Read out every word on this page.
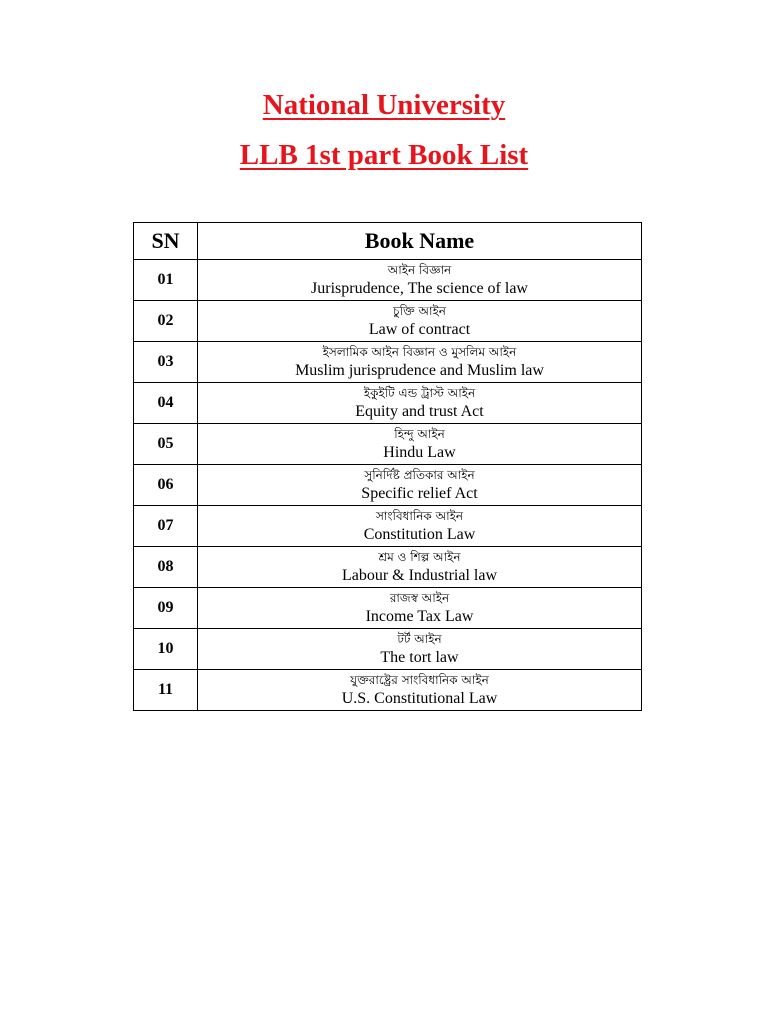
National University
LLB 1st part Book List
SN	Book Name
01	আইন বিজ্ঞান
Jurisprudence, The science of law

02	চুক্তি আইন
Law of contract

03	ইসলামিক আইন বিজ্ঞান ও মুসলিম আইন
Muslim jurisprudence and Muslim law

04	ইকুইটি এন্ড ট্রাস্ট আইন
Equity and trust Act

05	হিন্দু আইন
Hindu Law

06	সুনির্দিষ্ট প্রতিকার আইন
Specific relief Act

07	সাংবিধানিক আইন
Constitution Law

08	শ্রম ও শিল্প আইন
Labour & Industrial law

09	রাজস্ব আইন
Income Tax Law

10	টর্ট আইন
The tort law

11	যুক্তরাষ্ট্রের সাংবিধানিক আইন
U.S. Constitutional Law
